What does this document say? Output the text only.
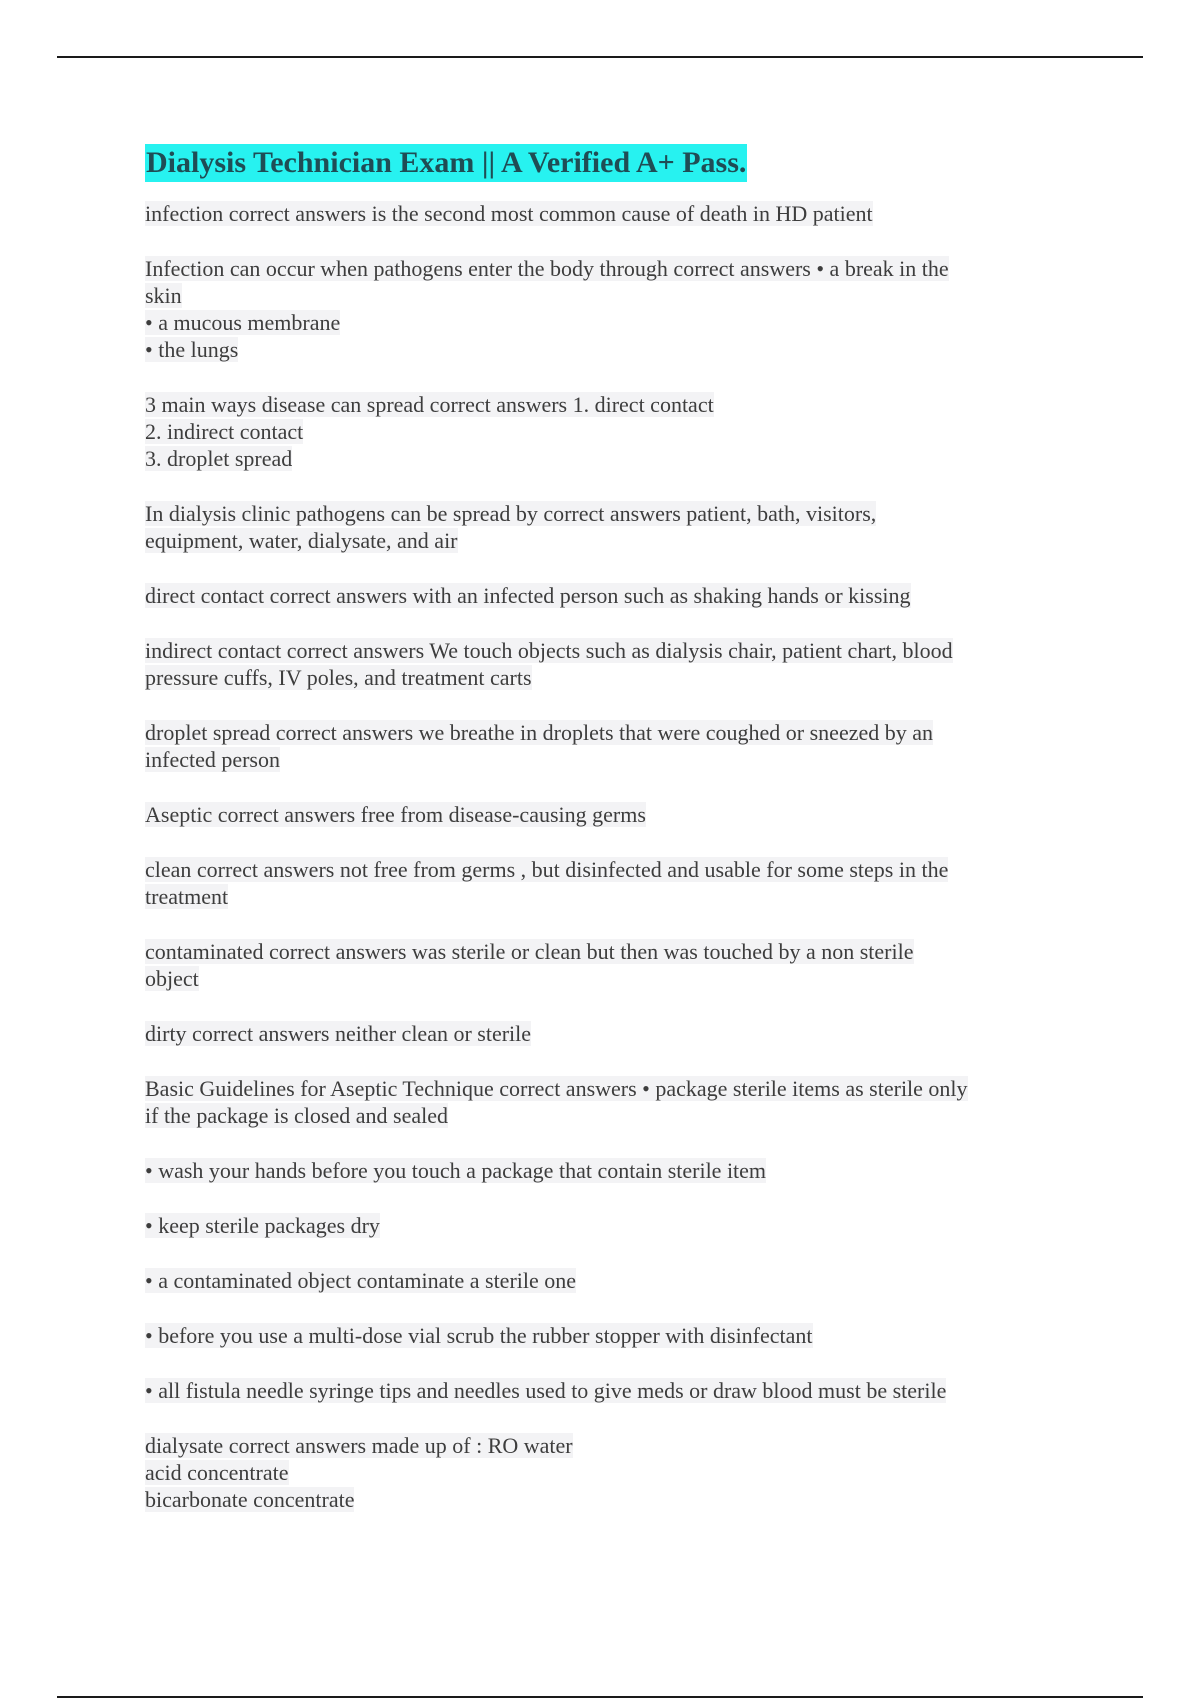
Dialysis Technician Exam || A Verified A+ Pass.
infection correct answers is the second most common cause of death in HD patient
Infection can occur when pathogens enter the body through correct answers • a break in the
skin
• a mucous membrane
• the lungs
3 main ways disease can spread correct answers 1. direct contact
2. indirect contact
3. droplet spread
In dialysis clinic pathogens can be spread by correct answers patient, bath, visitors,
equipment, water, dialysate, and air
direct contact correct answers with an infected person such as shaking hands or kissing
indirect contact correct answers We touch objects such as dialysis chair, patient chart, blood
pressure cuffs, IV poles, and treatment carts
droplet spread correct answers we breathe in droplets that were coughed or sneezed by an
infected person
Aseptic correct answers free from disease-causing germs
clean correct answers not free from germs , but disinfected and usable for some steps in the
treatment
contaminated correct answers was sterile or clean but then was touched by a non sterile
object
dirty correct answers neither clean or sterile
Basic Guidelines for Aseptic Technique correct answers • package sterile items as sterile only
if the package is closed and sealed
• wash your hands before you touch a package that contain sterile item
• keep sterile packages dry
• a contaminated object contaminate a sterile one
• before you use a multi-dose vial scrub the rubber stopper with disinfectant
• all fistula needle syringe tips and needles used to give meds or draw blood must be sterile
dialysate correct answers made up of : RO water
acid concentrate
bicarbonate concentrate
